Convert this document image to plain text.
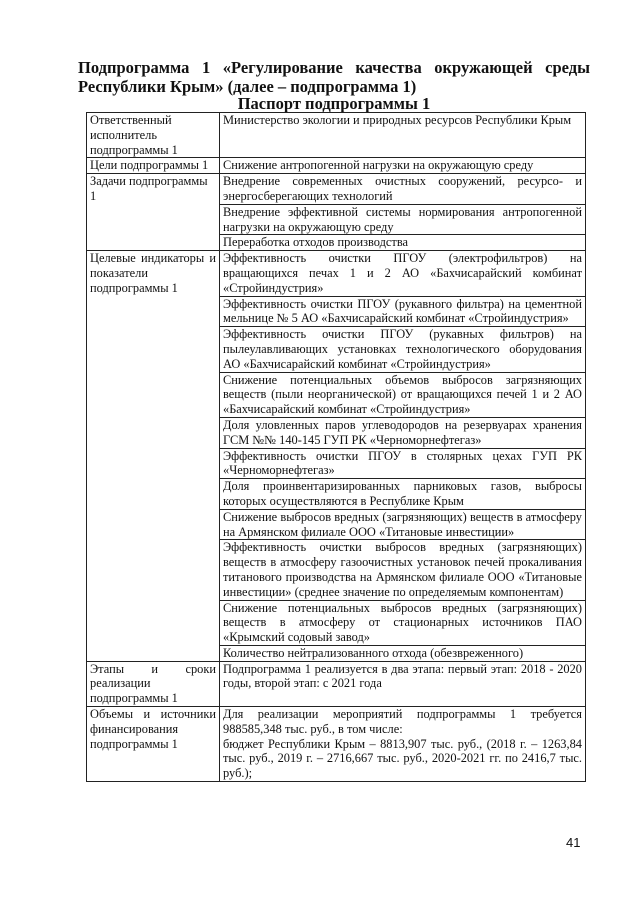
Подпрограмма 1 «Регулирование качества окружающей среды
Республики Крым» (далее – подпрограмма 1)
Паспорт подпрограммы 1
Ответственный исполнитель подпрограммы 1	Министерство экологии и природных ресурсов Республики Крым
Цели подпрограммы 1	Снижение антропогенной нагрузки на окружающую среду
Задачи подпрограммы 1	Внедрение современных очистных сооружений, ресурсо- и энергосберегающих технологий
	Внедрение эффективной системы нормирования антропогенной нагрузки на окружающую среду
	Переработка отходов производства
Целевые индикаторы и показатели подпрограммы 1	Эффективность очистки ПГОУ (электрофильтров) на вращающихся печах 1 и 2 АО «Бахчисарайский комбинат «Стройиндустрия»
	Эффективность очистки ПГОУ (рукавного фильтра) на цементной мельнице № 5 АО «Бахчисарайский комбинат «Стройиндустрия»
	Эффективность очистки ПГОУ (рукавных фильтров) на пылеулавливающих установках технологического оборудования АО «Бахчисарайский комбинат «Стройиндустрия»
	Снижение потенциальных объемов выбросов загрязняющих веществ (пыли неорганической) от вращающихся печей 1 и 2 АО «Бахчисарайский комбинат «Стройиндустрия»
	Доля уловленных паров углеводородов на резервуарах хранения ГСМ №№ 140-145 ГУП РК «Черноморнефтегаз»
	Эффективность очистки ПГОУ в столярных цехах ГУП РК «Черноморнефтегаз»
	Доля проинвентаризированных парниковых газов, выбросы которых осуществляются в Республике Крым
	Снижение выбросов вредных (загрязняющих) веществ в атмосферу на Армянском филиале ООО «Титановые инвестиции»
	Эффективность очистки выбросов вредных (загрязняющих) веществ в атмосферу газоочистных установок печей прокаливания титанового производства на Армянском филиале ООО «Титановые инвестиции» (среднее значение по определяемым компонентам)
	Снижение потенциальных выбросов вредных (загрязняющих) веществ в атмосферу от стационарных источников ПАО «Крымский содовый завод»
	Количество нейтрализованного отхода (обезвреженного)
Этапы и сроки реализации подпрограммы 1	Подпрограмма 1 реализуется в два этапа: первый этап: 2018 - 2020 годы, второй этап: с 2021 года
Объемы и источники финансирования подпрограммы 1	Для реализации мероприятий подпрограммы 1 требуется 988585,348 тыс. руб., в том числе:
бюджет Республики Крым – 8813,907 тыс. руб., (2018 г. – 1263,84 тыс. руб., 2019 г. – 2716,667 тыс. руб., 2020-2021 гг. по 2416,7 тыс. руб.);
41
